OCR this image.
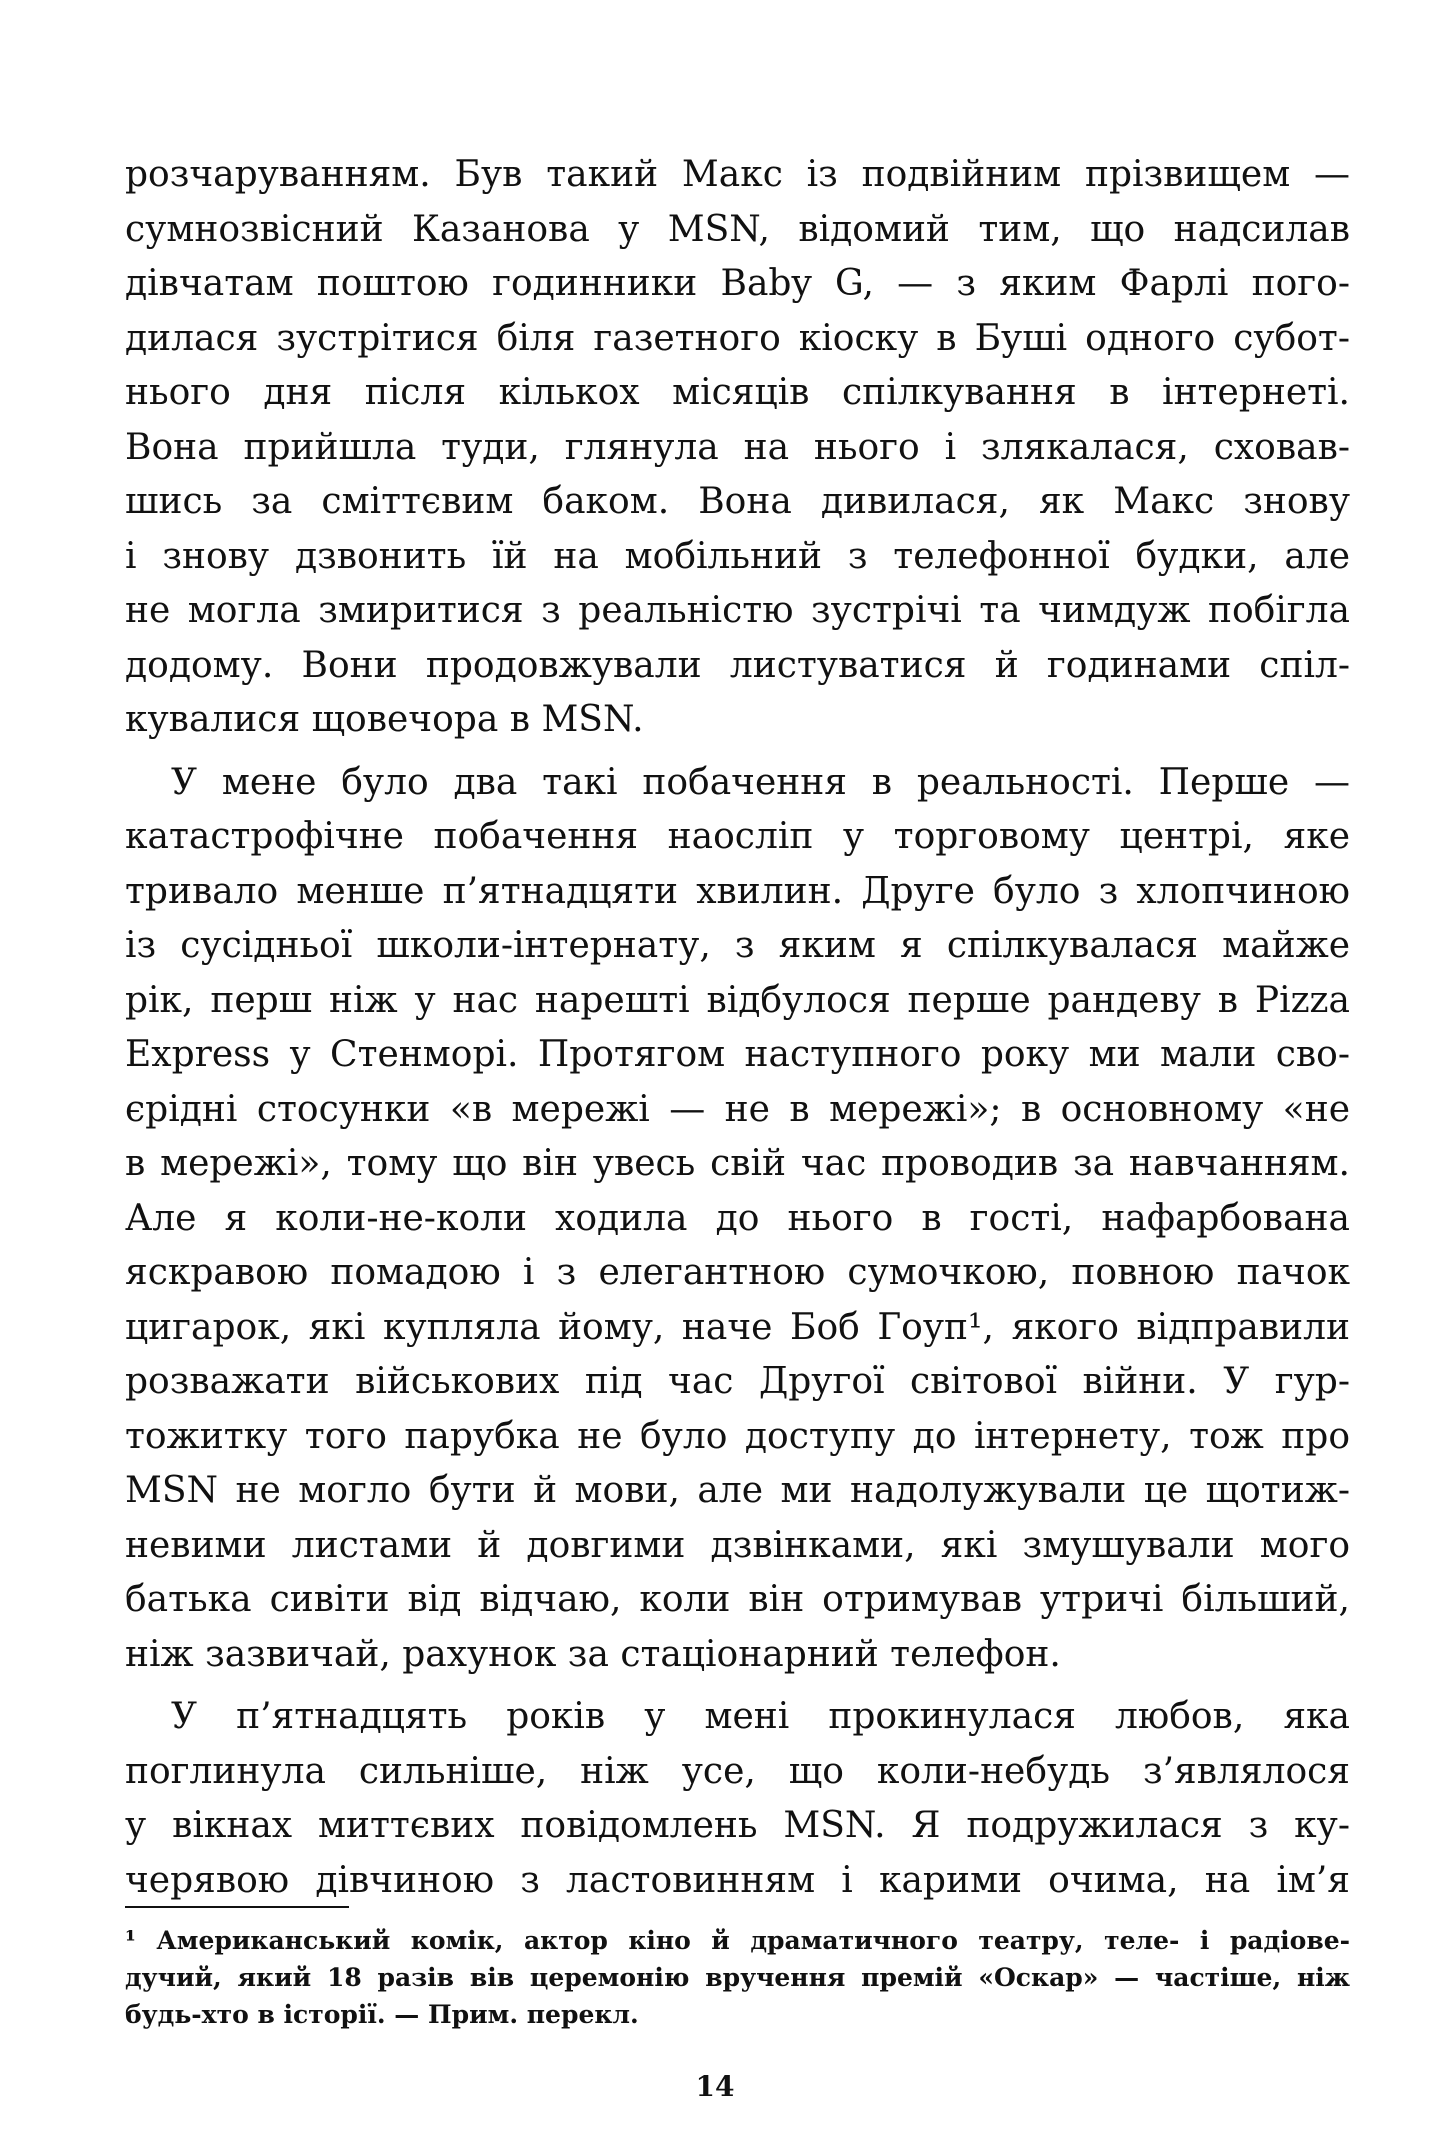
розчаруванням. Був такий Макс із подвійним прізвищем —
сумнозвісний Казанова у MSN, відомий тим, що надсилав
дівчатам поштою годинники Baby G, — з яким Фарлі пого-
дилася зустрітися біля газетного кіоску в Буші одного субот-
нього дня після кількох місяців спілкування в інтернеті.
Вона прийшла туди, глянула на нього і злякалася, сховав-
шись за сміттєвим баком. Вона дивилася, як Макс знову
і знову дзвонить їй на мобільний з телефонної будки, але
не могла змиритися з реальністю зустрічі та чимдуж побігла
додому. Вони продовжували листуватися й годинами спіл-
кувалися щовечора в MSN.
У мене було два такі побачення в реальності. Перше —
катастрофічне побачення наосліп у торговому центрі, яке
тривало менше п’ятнадцяти хвилин. Друге було з хлопчиною
із сусідньої школи-інтернату, з яким я спілкувалася майже
рік, перш ніж у нас нарешті відбулося перше рандеву в Pizza
Express у Стенморі. Протягом наступного року ми мали сво-
єрідні стосунки «в мережі — не в мережі»; в основному «не
в мережі», тому що він увесь свій час проводив за навчанням.
Але я коли-не-коли ходила до нього в гості, нафарбована
яскравою помадою і з елегантною сумочкою, повною пачок
цигарок, які купляла йому, наче Боб Гоуп¹, якого відправили
розважати військових під час Другої світової війни. У гур-
тожитку того парубка не було доступу до інтернету, тож про
MSN не могло бути й мови, але ми надолужували це щотиж-
невими листами й довгими дзвінками, які змушували мого
батька сивіти від відчаю, коли він отримував утричі більший,
ніж зазвичай, рахунок за стаціонарний телефон.
У п’ятнадцять років у мені прокинулася любов, яка
поглинула сильніше, ніж усе, що коли-небудь з’являлося
у вікнах миттєвих повідомлень MSN. Я подружилася з ку-
черявою дівчиною з ластовинням і карими очима, на ім’я
¹ Американський комік, актор кіно й драматичного театру, теле- і радіове-
дучий, який 18 разів вів церемонію вручення премій «Оскар» — частіше, ніж
будь-хто в історії. — Прим. перекл.
14
